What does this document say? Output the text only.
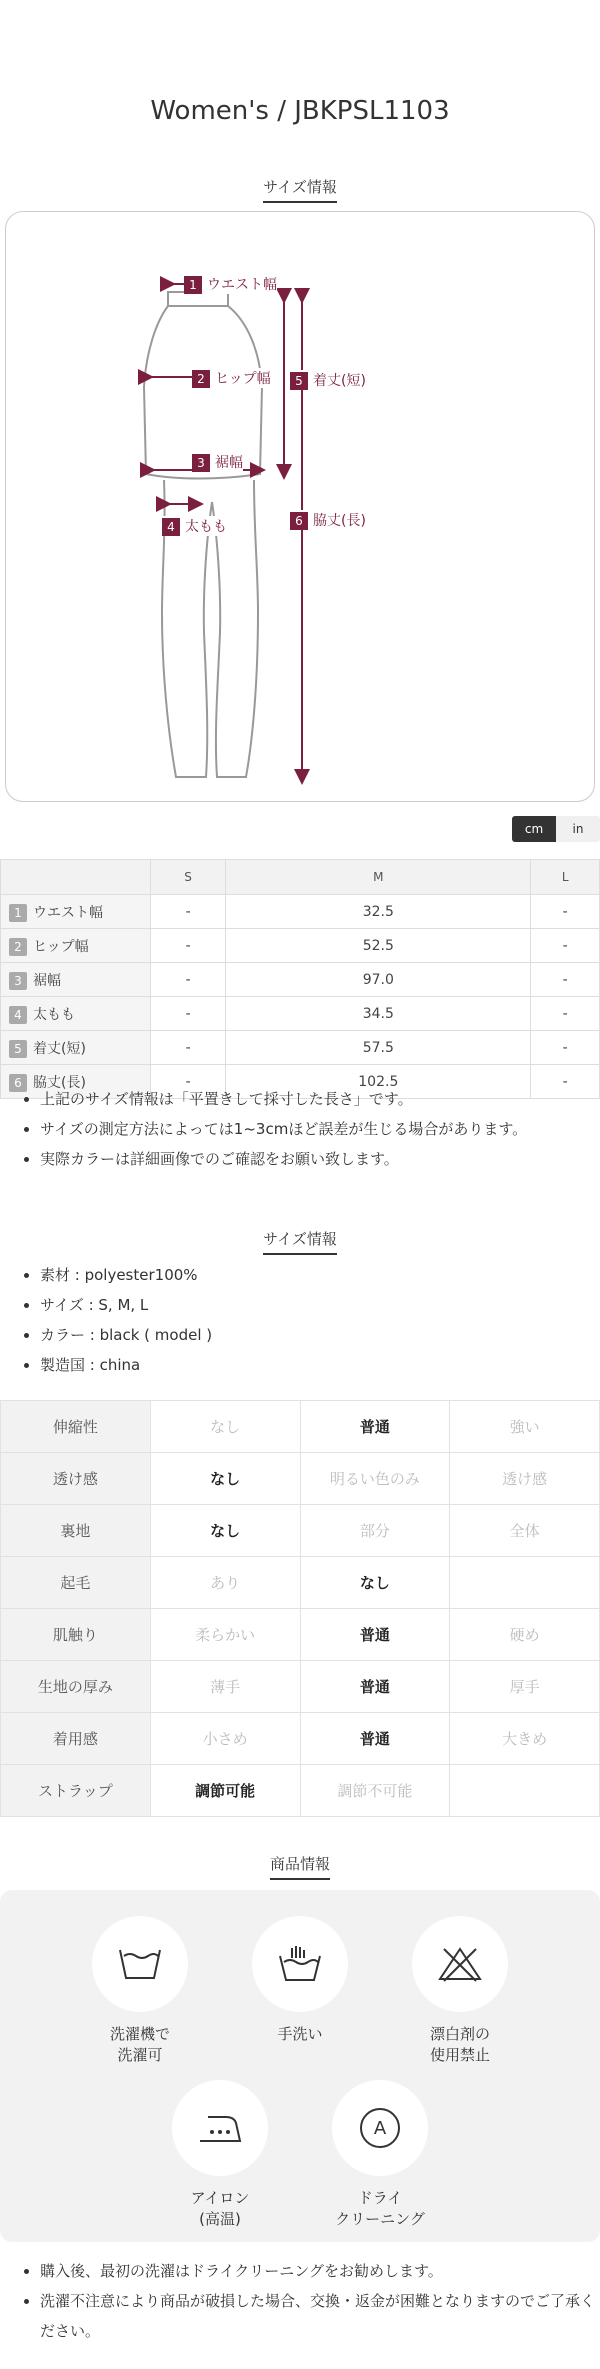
Women's / JBKPSL1103
サイズ情報
1 ウエスト幅
2 ヒップ幅
3 裾幅
4 太もも
5 着丈(短)
6 脇丈(長)
cm	in
	S	M	L
1 ウエスト幅	-	32.5	-
2 ヒップ幅	-	52.5	-
3 裾幅	-	97.0	-
4 太もも	-	34.5	-
5 着丈(短)	-	57.5	-
6 脇丈(長)	-	102.5	-
• 上記のサイズ情報は「平置きして採寸した長さ」です。
• サイズの測定方法によっては1~3cmほど誤差が生じる場合があります。
• 実際カラーは詳細画像でのご確認をお願い致します。
サイズ情報
• 素材 : polyester100%
• サイズ : S, M, L
• カラー : black ( model )
• 製造国 : china
伸縮性	なし	普通	強い
透け感	なし	明るい色のみ	透け感
裏地	なし	部分	全体
起毛	あり	なし	
肌触り	柔らかい	普通	硬め
生地の厚み	薄手	普通	厚手
着用感	小さめ	普通	大きめ
ストラップ	調節可能	調節不可能	
商品情報
洗濯機で
洗濯可
手洗い	漂白剤の
使用禁止
アイロン
(高温)
A
ドライ
クリーニング
• 購入後、最初の洗濯はドライクリーニングをお勧めします。
• 洗濯不注意により商品が破損した場合、交換・返金が困難となりますのでご了承ください。
